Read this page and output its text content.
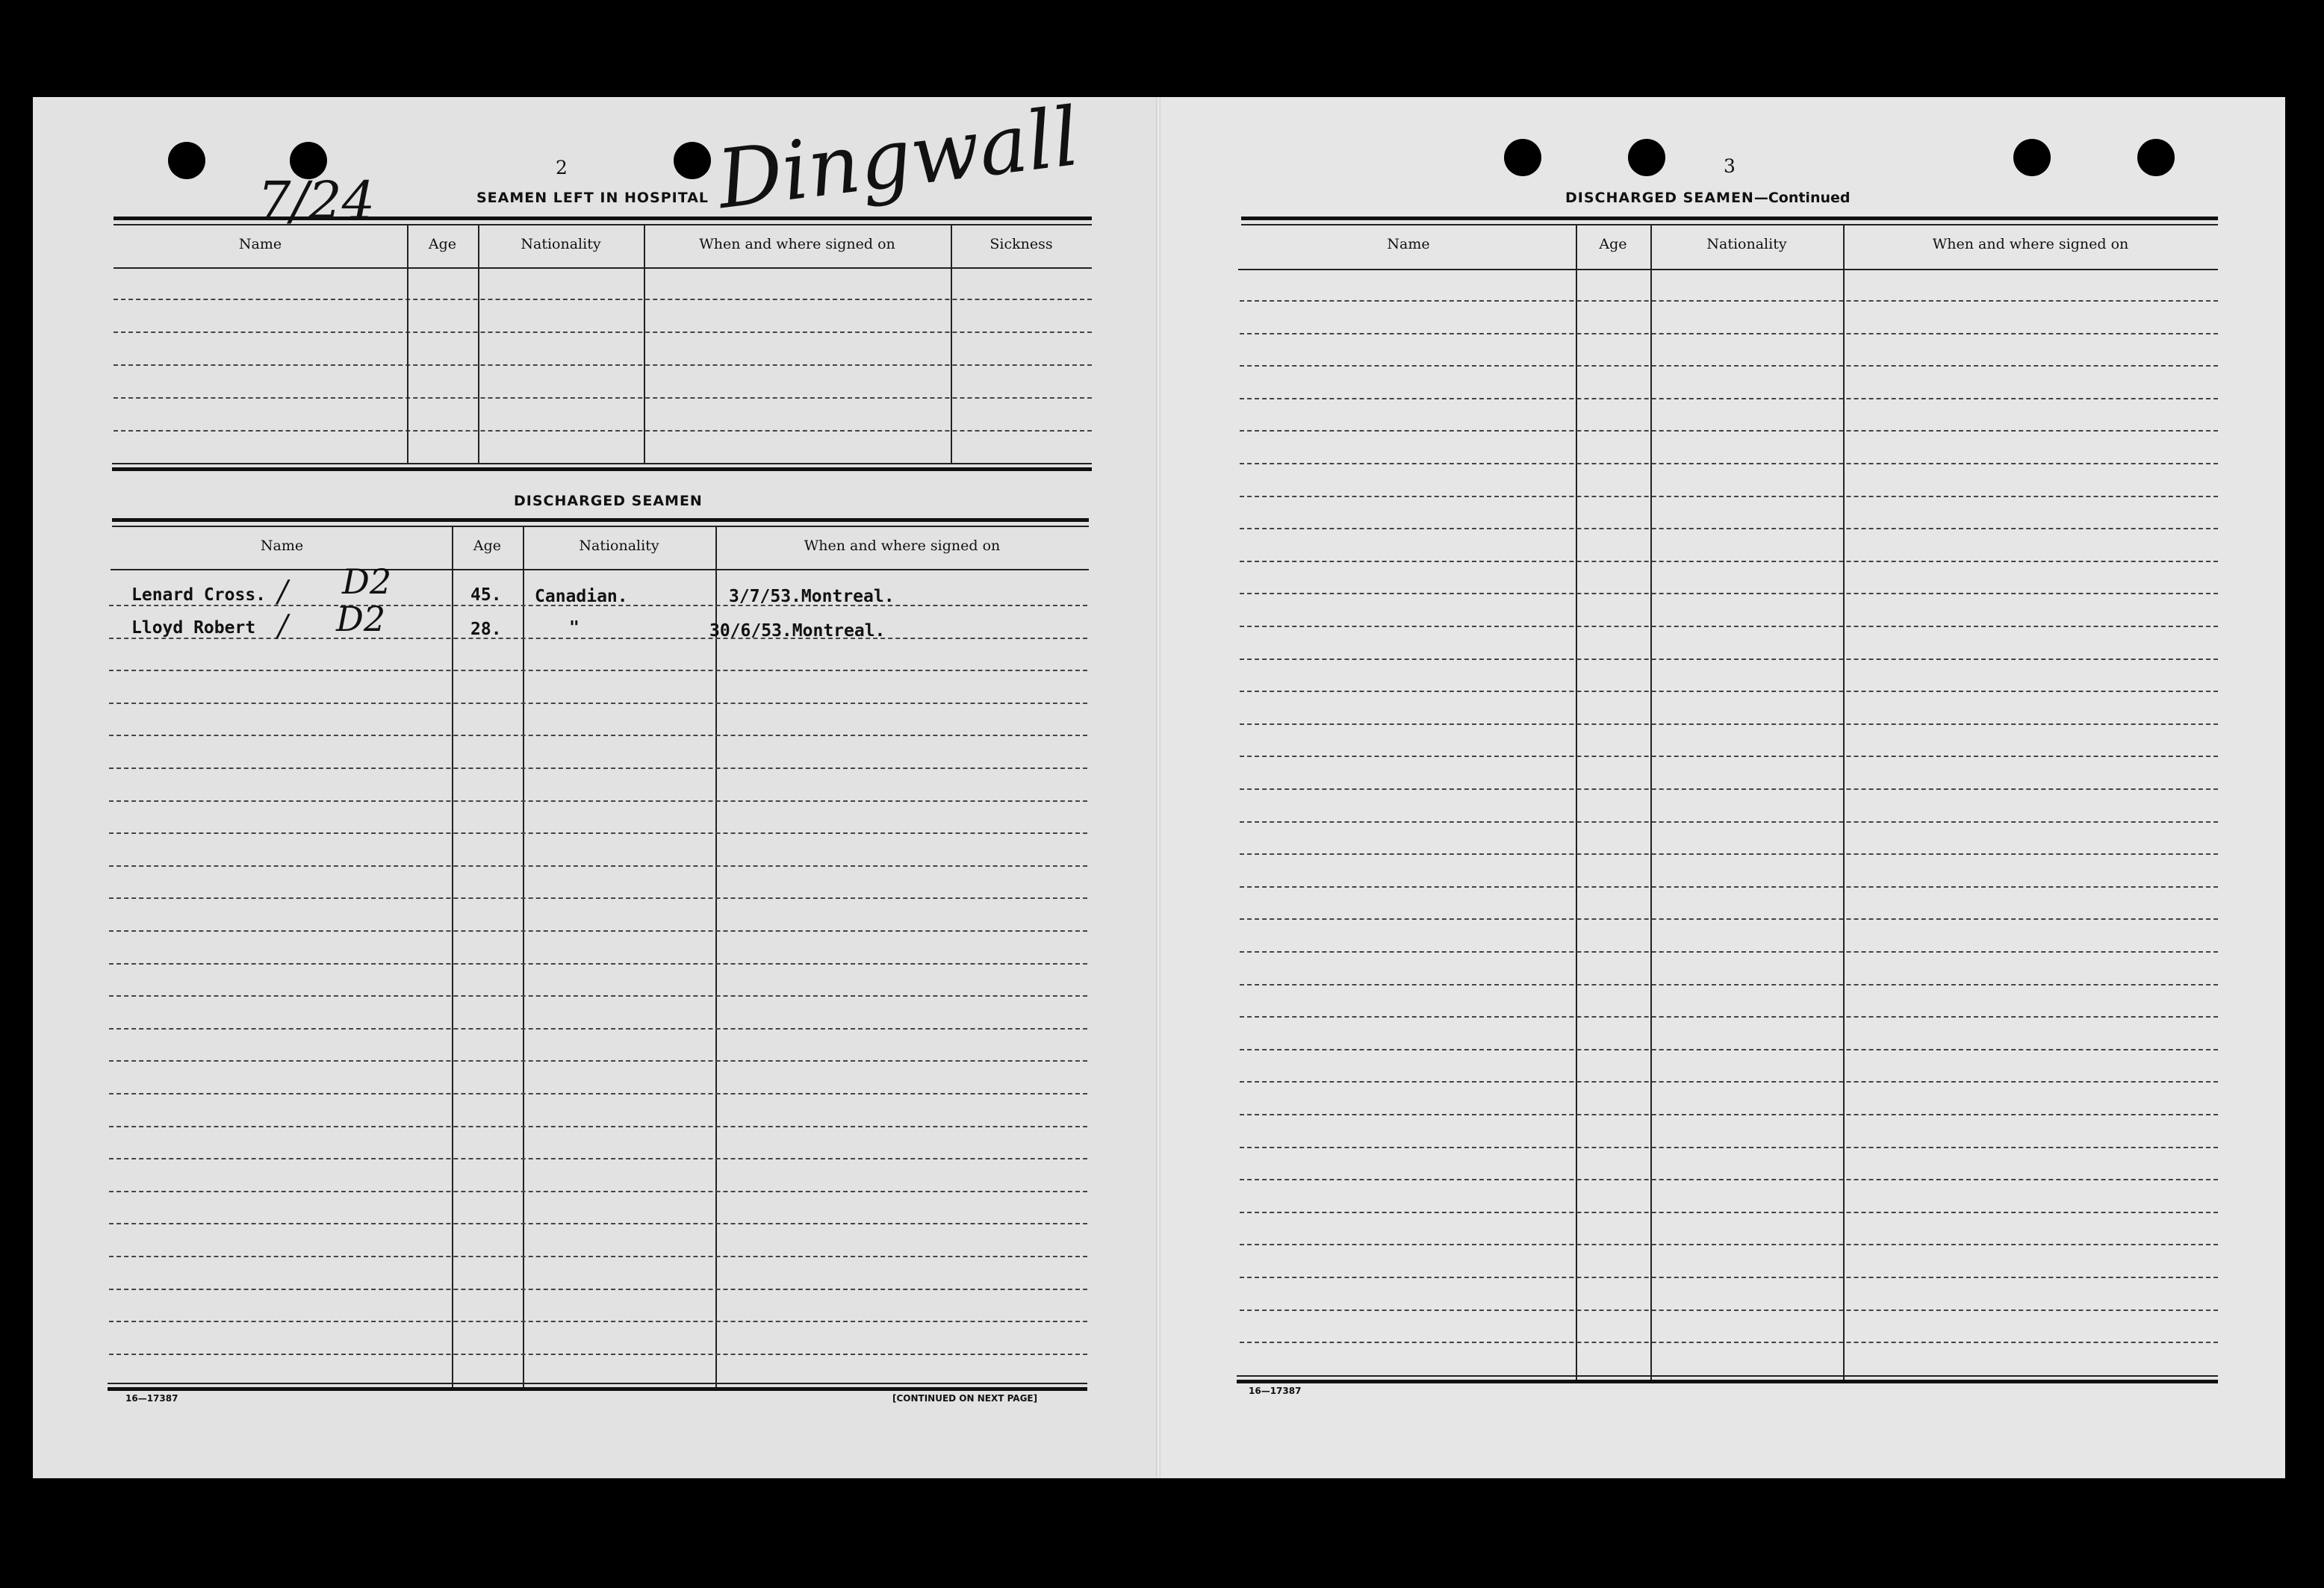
2
SEAMEN LEFT IN HOSPITAL Dingwall
7/24
Name	Age	Nationality	When and where signed on	Sickness
DISCHARGED SEAMEN
Name	Age	Nationality	When and where signed on
Lenard Cross.	45. Canadian.	3/7/53.Montreal.
Lloyd Robert	28.	"	30/6/53.Montreal.
/
/
D2
D2
16—17387	[CONTINUED ON NEXT PAGE]
3
DISCHARGED SEAMEN—Continued
Name	Age	Nationality	When and where signed on
16—17387
